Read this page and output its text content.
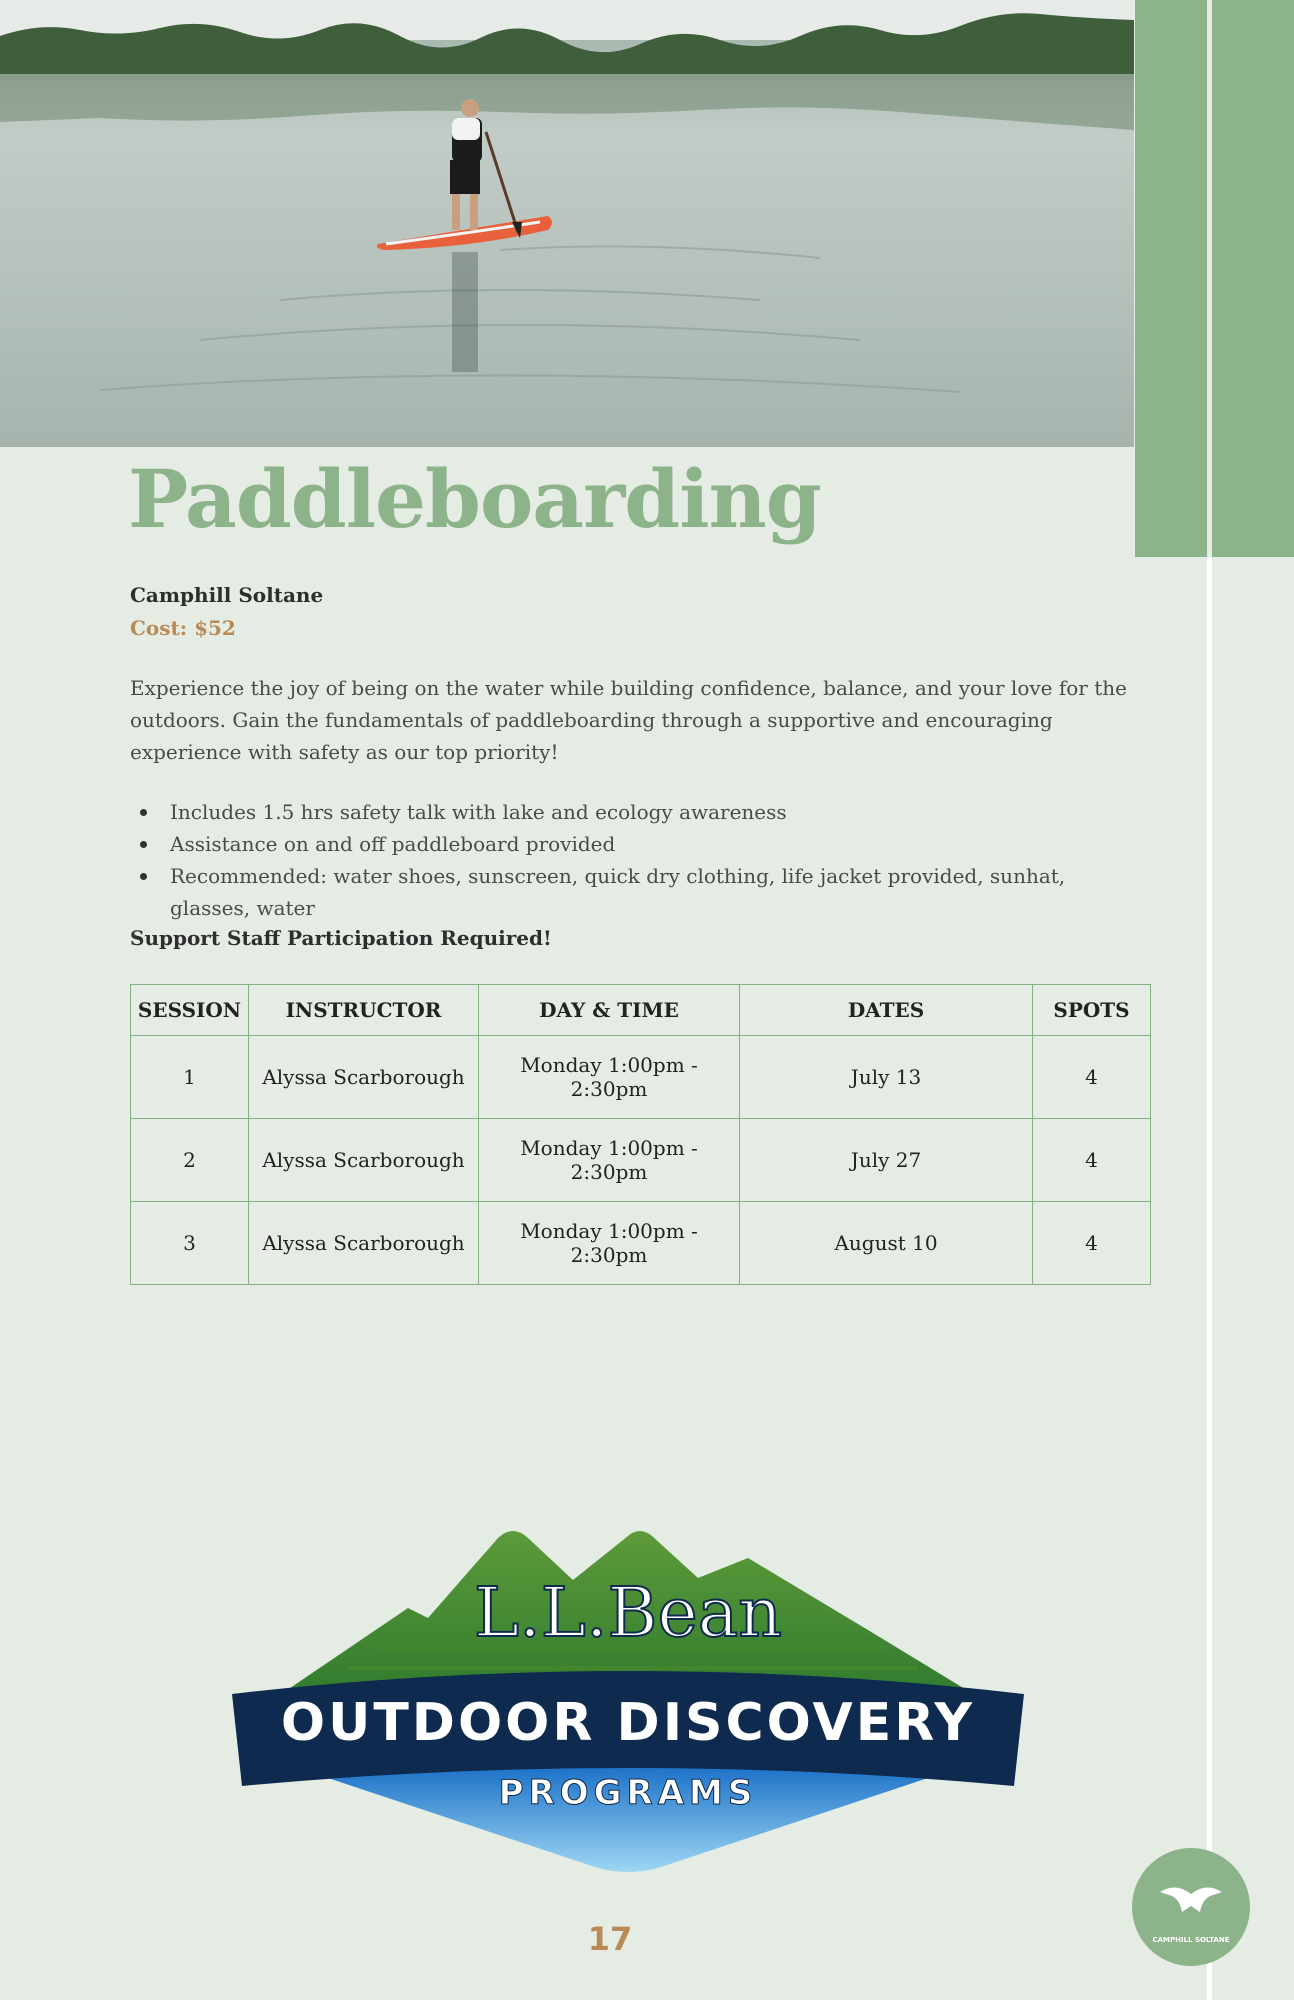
Paddleboarding
Camphill Soltane
Cost: $52

Experience the joy of being on the water while building confidence, balance, and your love for the outdoors. Gain the fundamentals of paddleboarding through a supportive and encouraging experience with safety as our top priority!

Includes 1.5 hrs safety talk with lake and ecology awareness
Assistance on and off paddleboard provided
Recommended: water shoes, sunscreen, quick dry clothing, life jacket provided, sunhat, glasses, water
Support Staff Participation Required!
SESSION	INSTRUCTOR	DAY & TIME	DATES	SPOTS
1	Alyssa Scarborough	Monday 1:00pm - 2:30pm	July 13	4
2	Alyssa Scarborough	Monday 1:00pm - 2:30pm	July 27	4
3	Alyssa Scarborough	Monday 1:00pm - 2:30pm	August 10	4
L.L.Bean
OUTDOOR DISCOVERY
PROGRAMS
17	CAMPHILL SOLTANE
